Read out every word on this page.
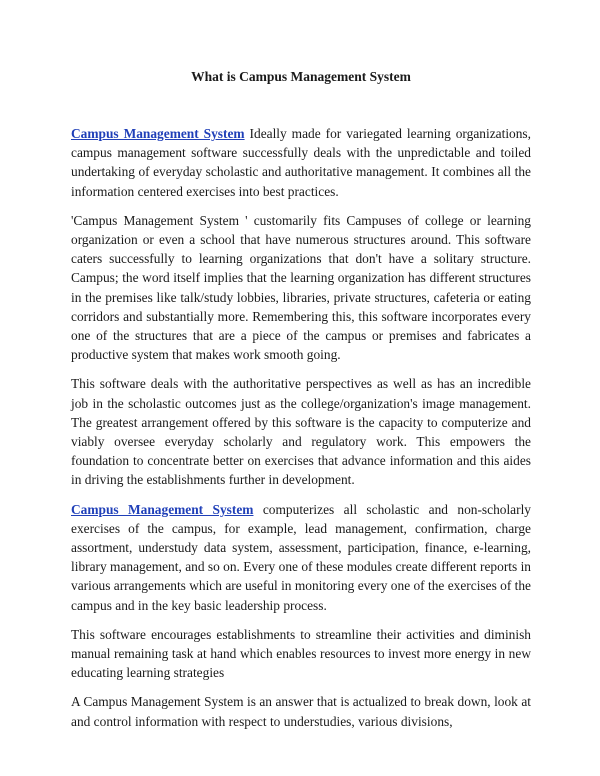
What is Campus Management System

Campus Management System Ideally made for variegated learning organizations, campus management software successfully deals with the unpredictable and toiled undertaking of everyday scholastic and authoritative management. It combines all the information centered exercises into best practices.

'Campus Management System ' customarily fits Campuses of college or learning organization or even a school that have numerous structures around. This software caters successfully to learning organizations that don't have a solitary structure. Campus; the word itself implies that the learning organization has different structures in the premises like talk/study lobbies, libraries, private structures, cafeteria or eating corridors and substantially more. Remembering this, this software incorporates every one of the structures that are a piece of the campus or premises and fabricates a productive system that makes work smooth going.

This software deals with the authoritative perspectives as well as has an incredible job in the scholastic outcomes just as the college/organization's image management. The greatest arrangement offered by this software is the capacity to computerize and viably oversee everyday scholarly and regulatory work. This empowers the foundation to concentrate better on exercises that advance information and this aides in driving the establishments further in development.

Campus Management System computerizes all scholastic and non-scholarly exercises of the campus, for example, lead management, confirmation, charge assortment, understudy data system, assessment, participation, finance, e-learning, library management, and so on. Every one of these modules create different reports in various arrangements which are useful in monitoring every one of the exercises of the campus and in the key basic leadership process.

This software encourages establishments to streamline their activities and diminish manual remaining task at hand which enables resources to invest more energy in new educating learning strategies

A Campus Management System is an answer that is actualized to break down, look at and control information with respect to understudies, various divisions,
